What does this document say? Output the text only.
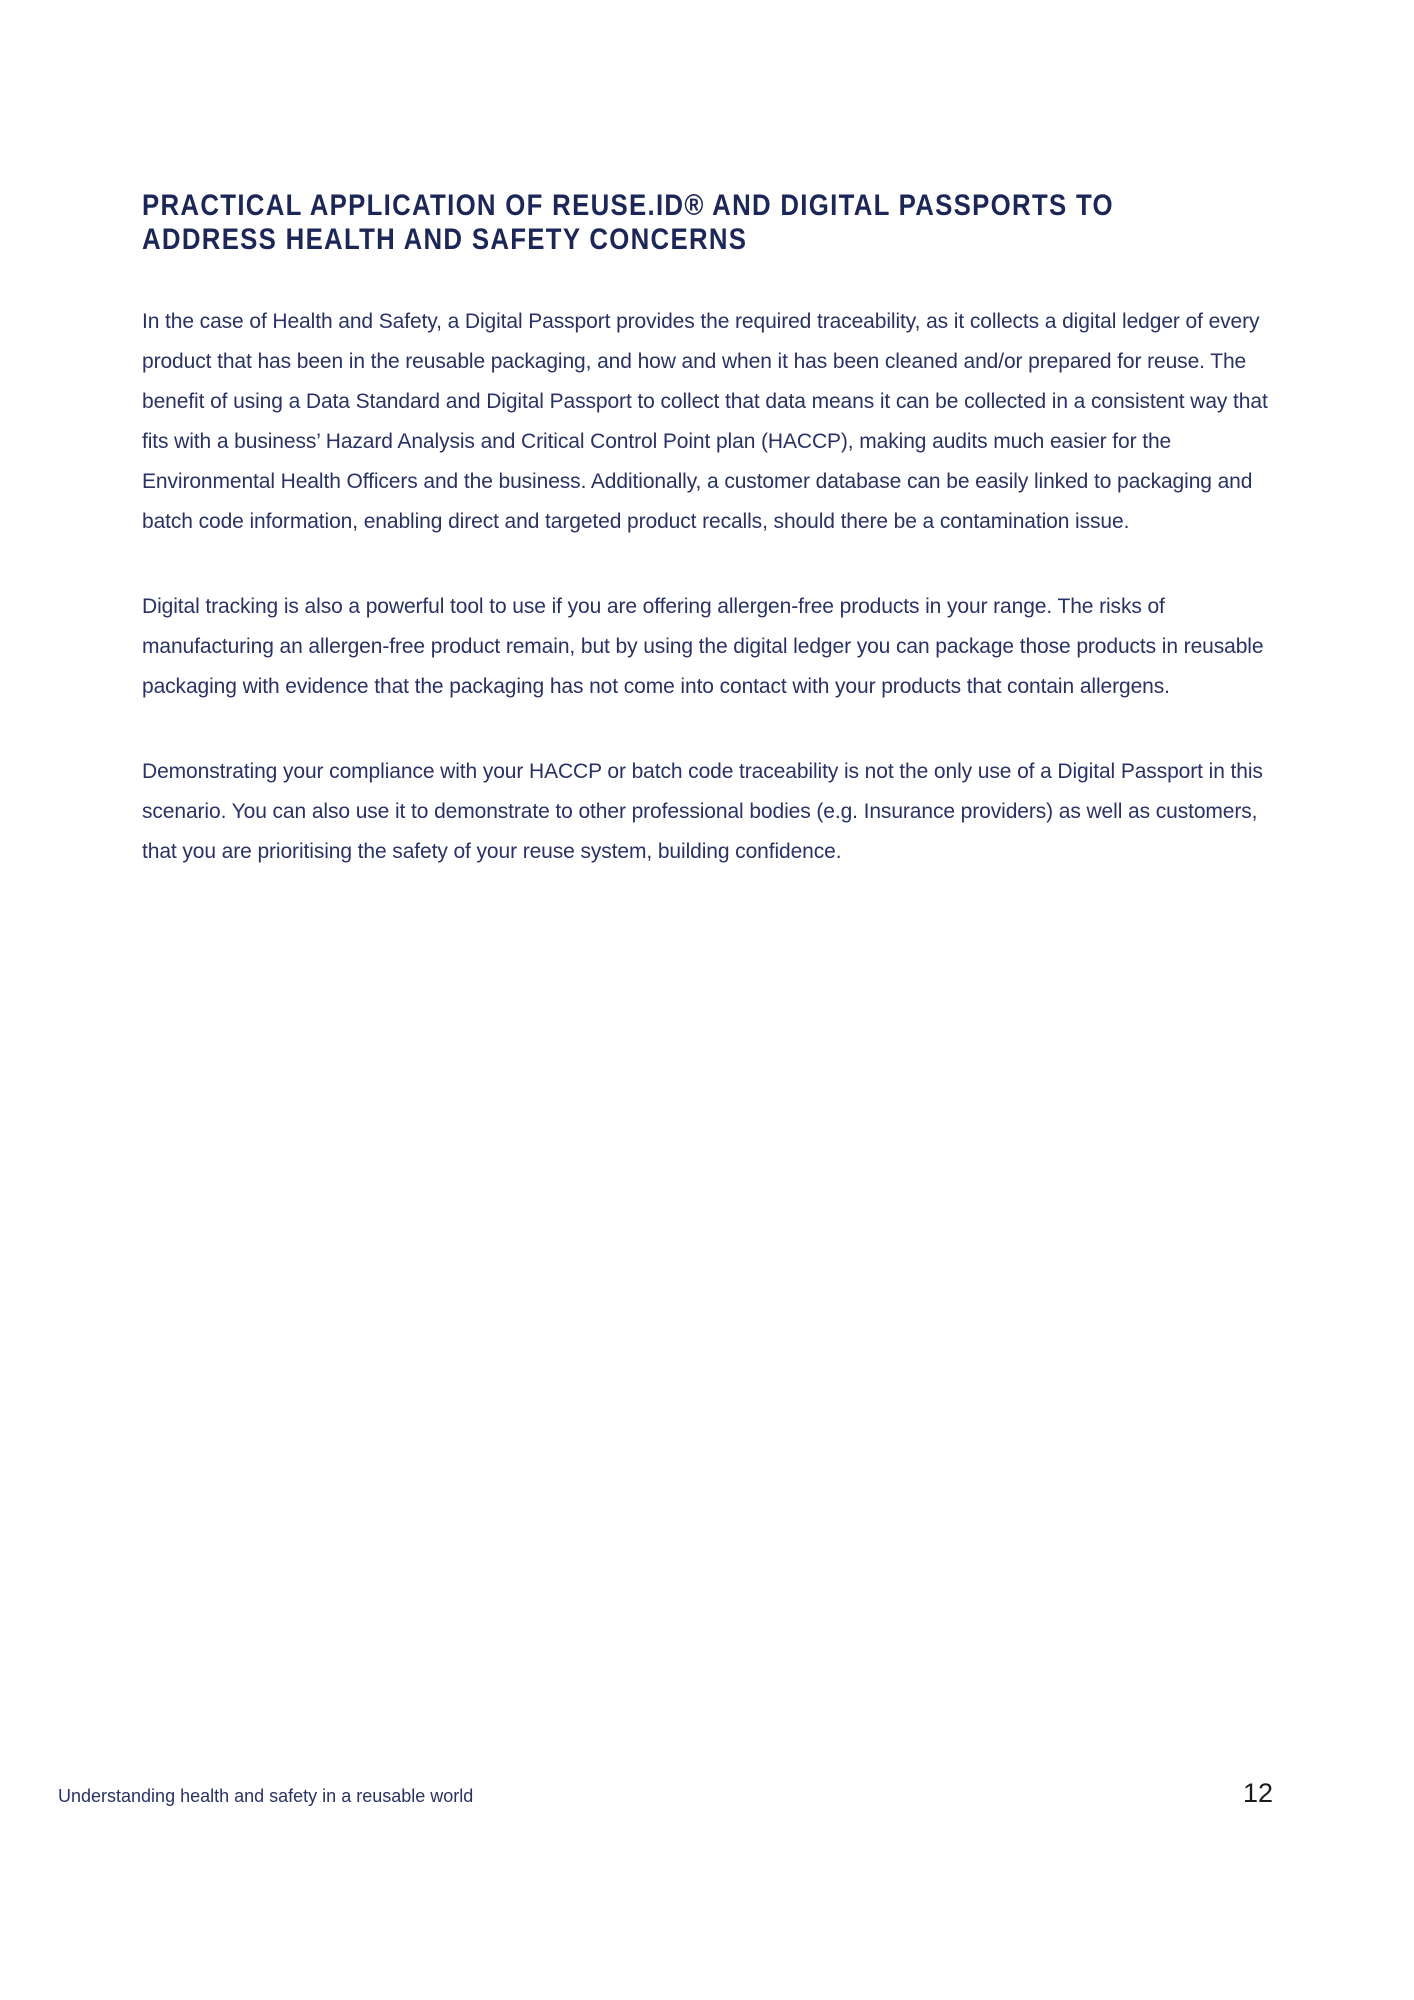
PRACTICAL APPLICATION OF REUSE.ID® AND DIGITAL PASSPORTS TO
ADDRESS HEALTH AND SAFETY CONCERNS

In the case of Health and Safety, a Digital Passport provides the required traceability, as it collects a digital ledger of every product that has been in the reusable packaging, and how and when it has been cleaned and/or prepared for reuse. The benefit of using a Data Standard and Digital Passport to collect that data means it can be collected in a consistent way that fits with a business’ Hazard Analysis and Critical Control Point plan (HACCP), making audits much easier for the Environmental Health Officers and the business. Additionally, a customer database can be easily linked to packaging and batch code information, enabling direct and targeted product recalls, should there be a contamination issue.

Digital tracking is also a powerful tool to use if you are offering allergen-free products in your range. The risks of manufacturing an allergen-free product remain, but by using the digital ledger you can package those products in reusable packaging with evidence that the packaging has not come into contact with your products that contain allergens.

Demonstrating your compliance with your HACCP or batch code traceability is not the only use of a Digital Passport in this scenario. You can also use it to demonstrate to other professional bodies (e.g. Insurance providers) as well as customers, that you are prioritising the safety of your reuse system, building confidence.

Understanding health and safety in a reusable world	12
